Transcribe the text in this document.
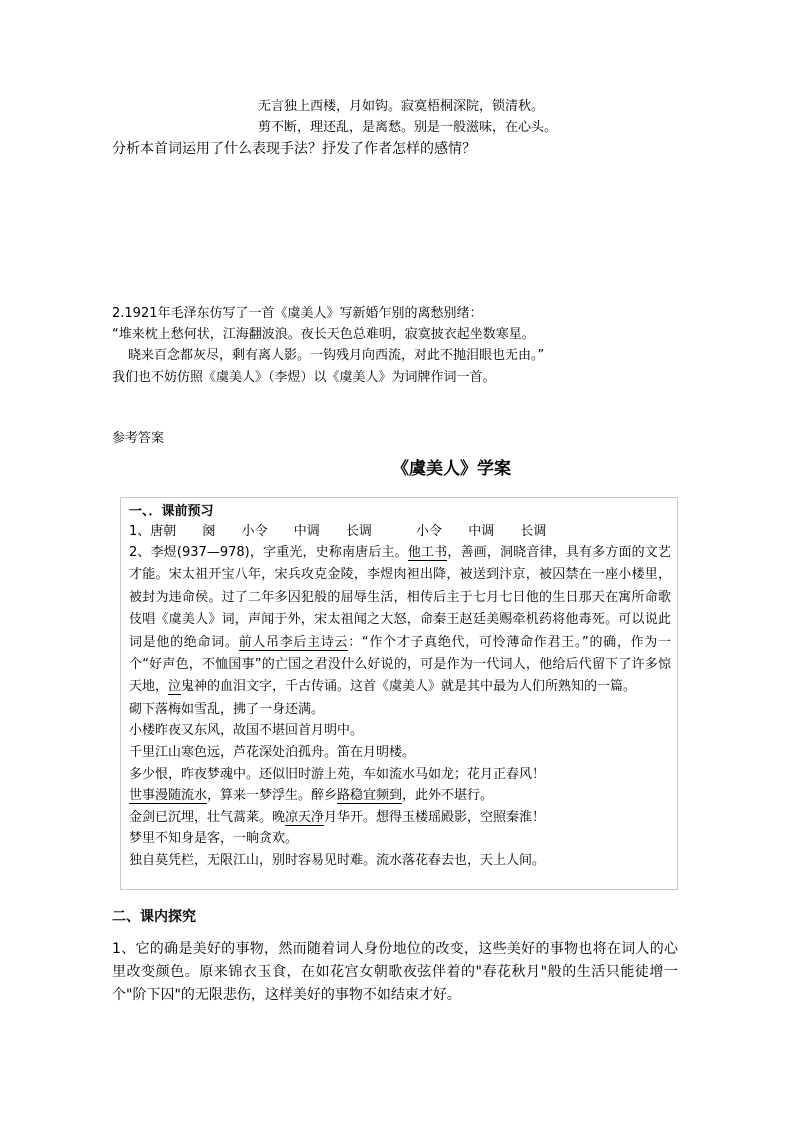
无言独上西楼，月如钩。寂寞梧桐深院，锁清秋。
剪不断，理还乱，是离愁。别是一般滋味，在心头。
分析本首词运用了什么表现手法？抒发了作者怎样的感情？
2.1921年毛泽东仿写了一首《虞美人》写新婚乍别的离愁别绪：
“堆来枕上愁何状，江海翻波浪。夜长天色总难明，寂寞披衣起坐数寒星。
晓来百念都灰尽，剩有离人影。一钩残月向西流，对此不抛泪眼也无由。”
我们也不妨仿照《虞美人》（李煜）以《虞美人》为词牌作词一首。
参考答案
《虞美人》学案
一、．课前预习
1、唐朝 阕 小令 中调 长调	小令 中调 长调
2、李煜(937—978)，字重光，史称南唐后主。他工书，善画，洞晓音律，具有多方面的文艺才能。宋太祖开宝八年，宋兵攻克金陵，李煜肉袒出降，被送到汴京，被囚禁在一座小楼里，被封为违命侯。过了二年多囚犯般的屈辱生活，相传后主于七月七日他的生日那天在寓所命歌伎唱《虞美人》词，声闻于外，宋太祖闻之大怒，命秦王赵廷美赐牵机药将他毒死。可以说此词是他的绝命词。前人吊李后主诗云：“作个才子真绝代，可怜薄命作君王。”的确，作为一个“好声色，不恤国事”的亡国之君没什么好说的，可是作为一代词人，他给后代留下了许多惊天地，泣鬼神的血泪文字，千古传诵。这首《虞美人》就是其中最为人们所熟知的一篇。
砌下落梅如雪乱，拂了一身还满。
小楼昨夜又东风，故国不堪回首月明中。
千里江山寒色远，芦花深处泊孤舟。笛在月明楼。
多少恨，昨夜梦魂中。还似旧时游上苑，车如流水马如龙；花月正春风！
世事漫随流水，算来一梦浮生。醉乡路稳宜频到，此外不堪行。
金剑已沉埋，壮气蒿莱。晚凉天净月华开。想得玉楼瑶殿影，空照秦淮！
梦里不知身是客，一晌贪欢。
独自莫凭栏，无限江山，别时容易见时难。流水落花春去也，天上人间。
二、课内探究
1、它的确是美好的事物，然而随着词人身份地位的改变，这些美好的事物也将在词人的心里改变颜色。原来锦衣玉食，在如花宫女朝歌夜弦伴着的"春花秋月"般的生活只能徒增一个"阶下囚"的无限悲伤，这样美好的事物不如结束才好。
